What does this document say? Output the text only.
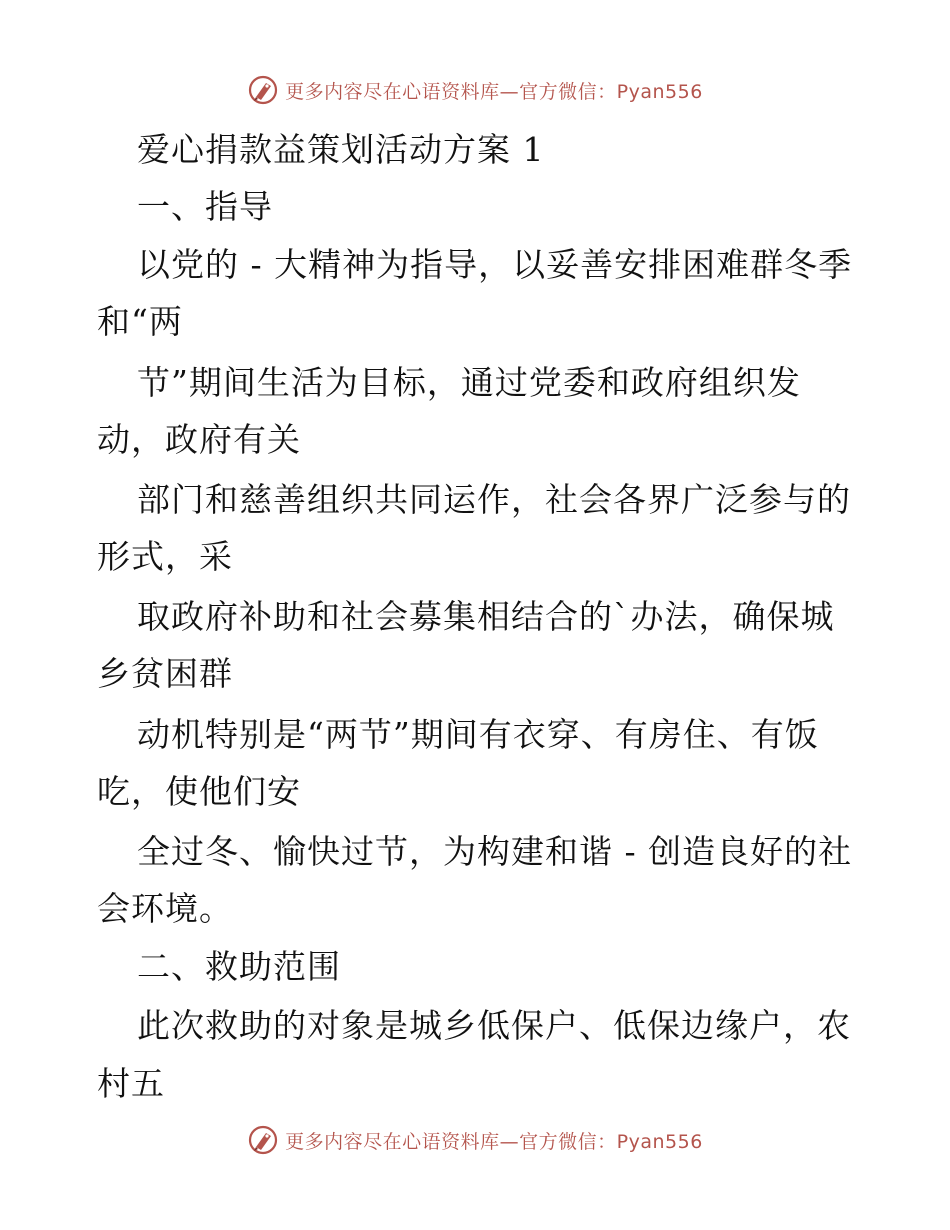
更多内容尽在心语资料库—官方微信：Pyan556
爱心捐款益策划活动方案 1
一、指导
以党的 - 大精神为指导，以妥善安排困难群冬季
和“两
节”期间生活为目标，通过党委和政府组织发
动，政府有关
部门和慈善组织共同运作，社会各界广泛参与的
形式，采
取政府补助和社会募集相结合的`办法，确保城
乡贫困群
动机特别是“两节”期间有衣穿、有房住、有饭
吃，使他们安
全过冬、愉快过节，为构建和谐 - 创造良好的社
会环境。
二、救助范围
此次救助的对象是城乡低保户、低保边缘户，农
村五
更多内容尽在心语资料库—官方微信：Pyan556
